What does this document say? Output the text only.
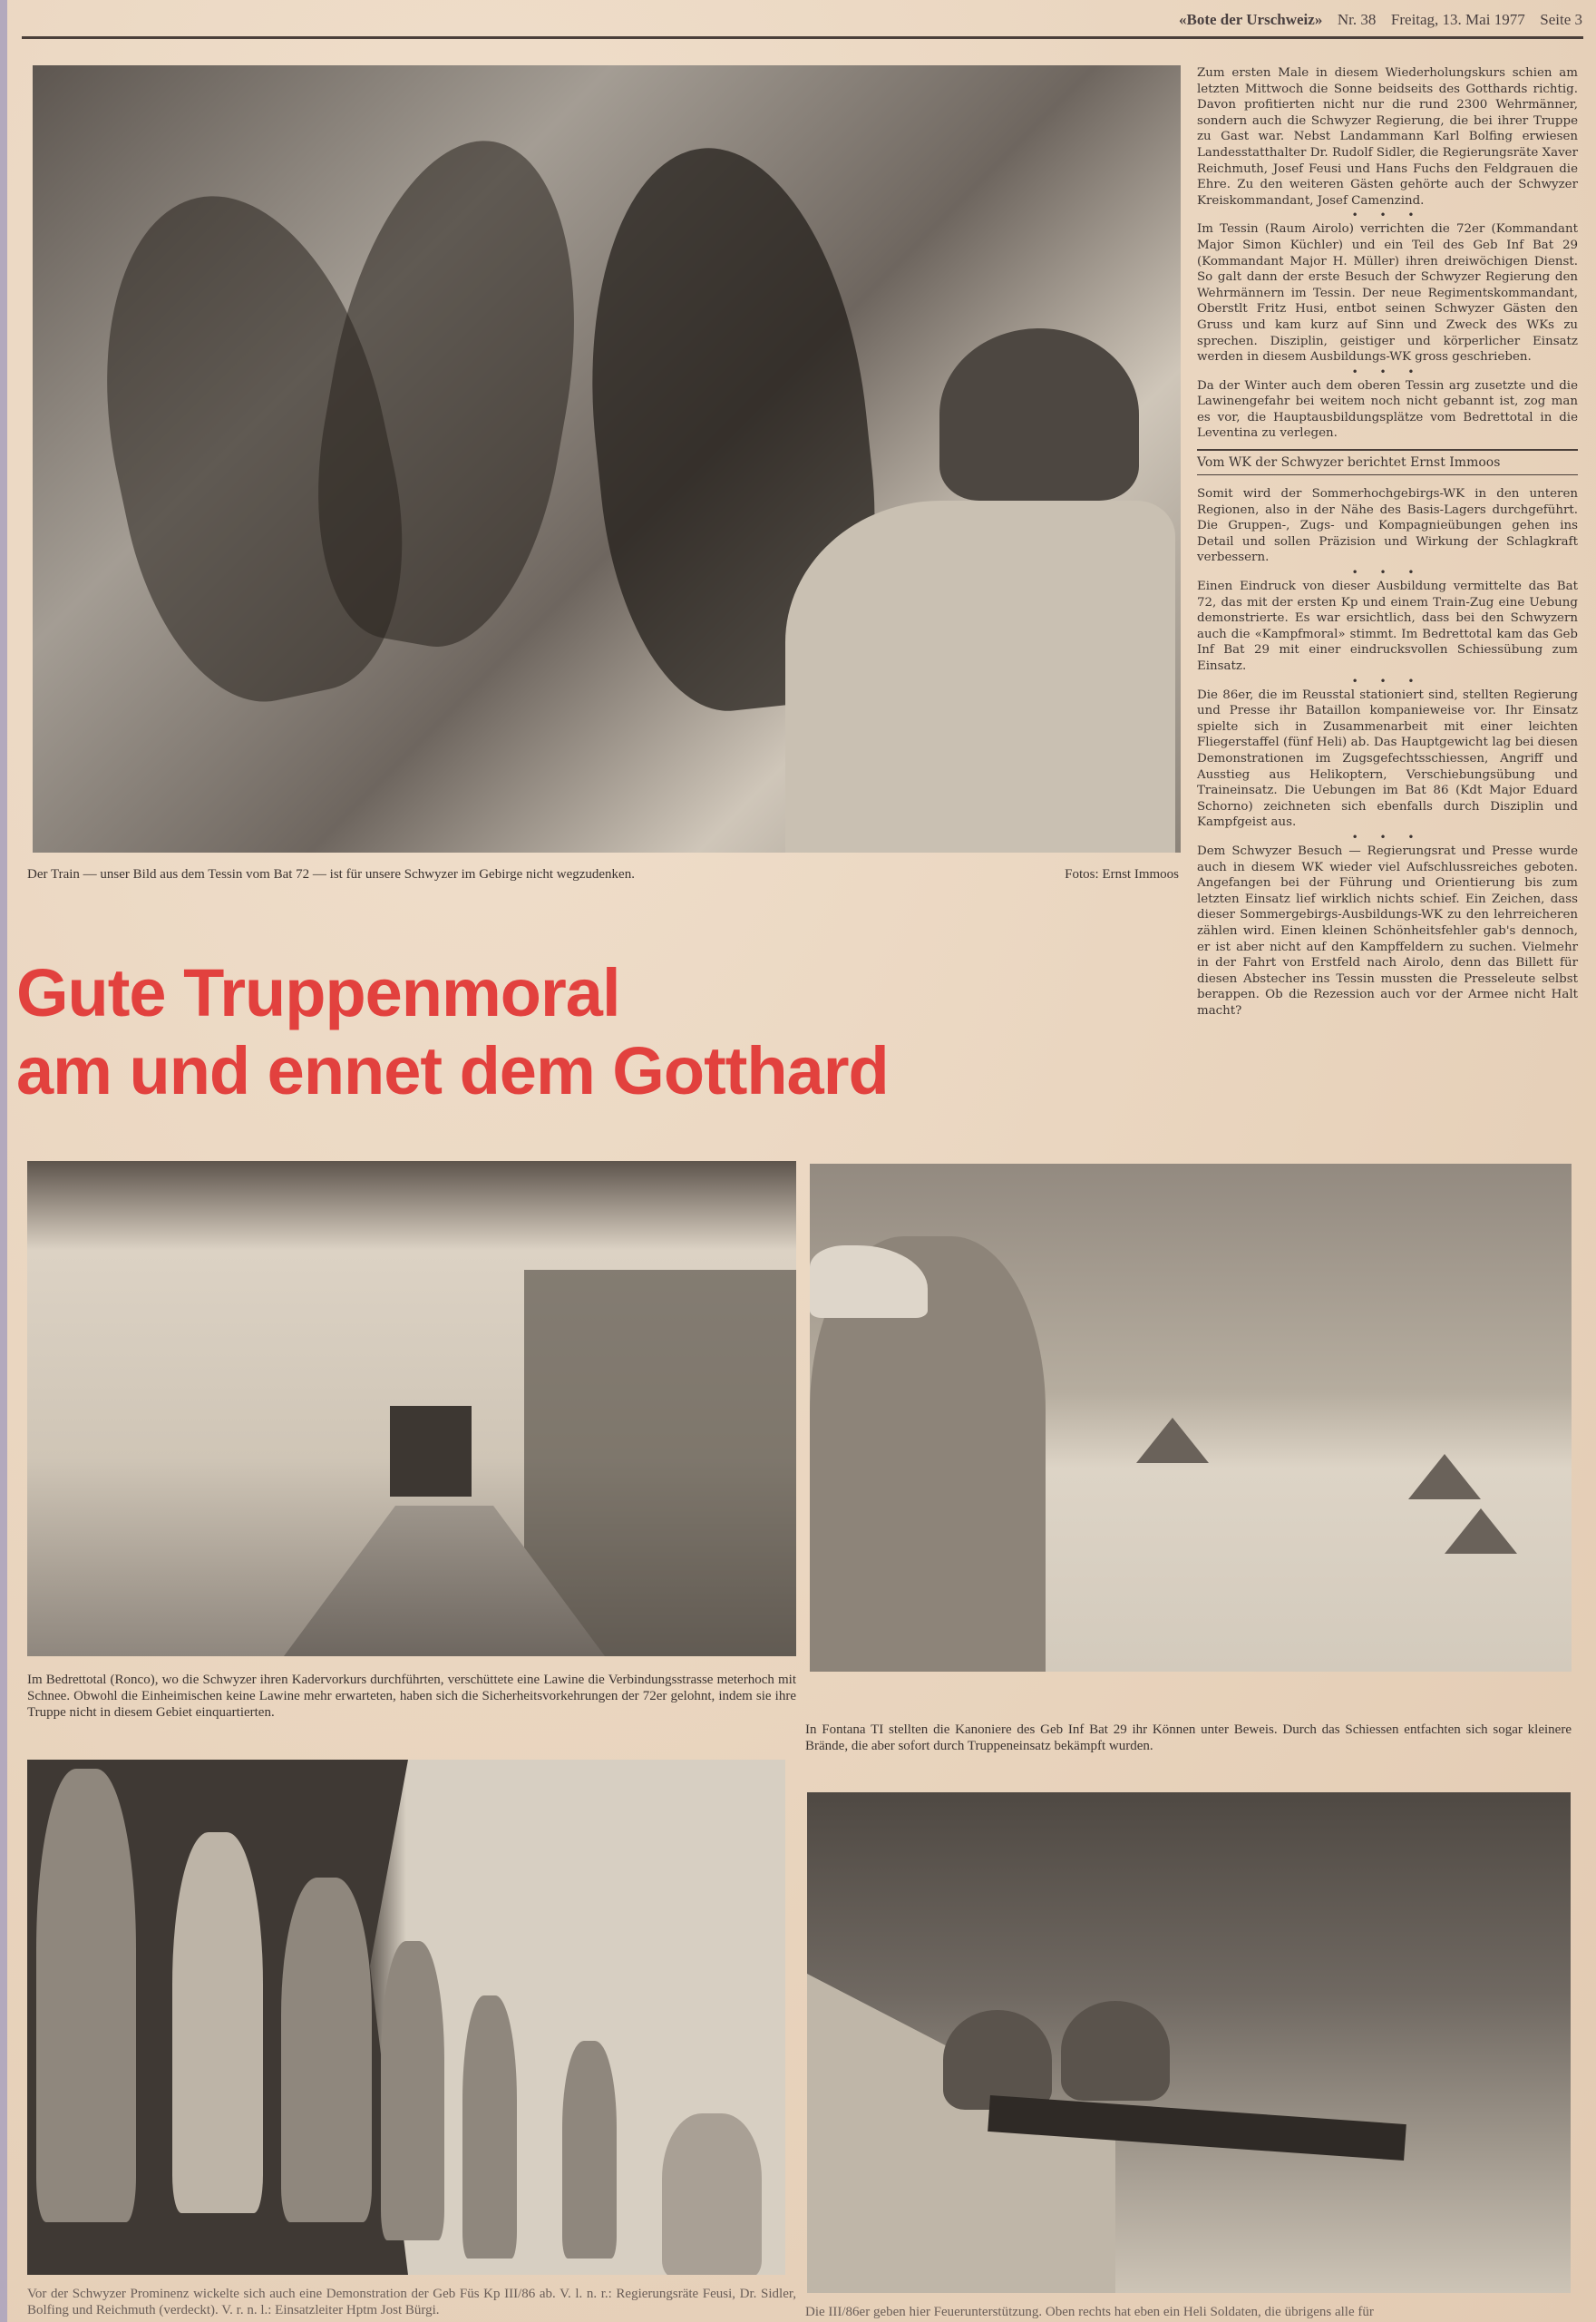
«Bote der Urschweiz» Nr. 38 Freitag, 13. Mai 1977 Seite 3
Der Train — unser Bild aus dem Tessin vom Bat 72 — ist für unsere Schwyzer im Gebirge nicht wegzudenken.	Fotos: Ernst Immoos
Gute Truppenmoral
am und ennet dem Gotthard

Zum ersten Male in diesem Wiederholungskurs schien am letzten Mittwoch die Sonne beidseits des Gotthards richtig. Davon profitierten nicht nur die rund 2300 Wehrmänner, sondern auch die Schwyzer Regierung, die bei ihrer Truppe zu Gast war. Nebst Landammann Karl Bolfing erwiesen Landesstatthalter Dr. Rudolf Sidler, die Regierungsräte Xaver Reichmuth, Josef Feusi und Hans Fuchs den Feldgrauen die Ehre. Zu den weiteren Gästen gehörte auch der Schwyzer Kreiskommandant, Josef Camenzind.

• • •

Im Tessin (Raum Airolo) verrichten die 72er (Kommandant Major Simon Küchler) und ein Teil des Geb Inf Bat 29 (Kommandant Major H. Müller) ihren dreiwöchigen Dienst. So galt dann der erste Besuch der Schwyzer Regierung den Wehrmännern im Tessin. Der neue Regimentskommandant, Oberstlt Fritz Husi, entbot seinen Schwyzer Gästen den Gruss und kam kurz auf Sinn und Zweck des WKs zu sprechen. Disziplin, geistiger und körperlicher Einsatz werden in diesem Ausbildungs-WK gross geschrieben.

• • •

Da der Winter auch dem oberen Tessin arg zusetzte und die Lawinengefahr bei weitem noch nicht gebannt ist, zog man es vor, die Hauptausbildungsplätze vom Bedrettotal in die Leventina zu verlegen.

Vom WK der Schwyzer berichtet Ernst Immoos

Somit wird der Sommerhochgebirgs-WK in den unteren Regionen, also in der Nähe des Basis-Lagers durchgeführt. Die Gruppen-, Zugs- und Kompagnieübungen gehen ins Detail und sollen Präzision und Wirkung der Schlagkraft verbessern.

• • •

Einen Eindruck von dieser Ausbildung vermittelte das Bat 72, das mit der ersten Kp und einem Train-Zug eine Uebung demonstrierte. Es war ersichtlich, dass bei den Schwyzern auch die «Kampfmoral» stimmt. Im Bedrettotal kam das Geb Inf Bat 29 mit einer eindrucksvollen Schiessübung zum Einsatz.

• • •

Die 86er, die im Reusstal stationiert sind, stellten Regierung und Presse ihr Bataillon kompanieweise vor. Ihr Einsatz spielte sich in Zusammenarbeit mit einer leichten Fliegerstaffel (fünf Heli) ab. Das Hauptgewicht lag bei diesen Demonstrationen im Zugsgefechtsschiessen, Angriff und Ausstieg aus Helikoptern, Verschiebungsübung und Traineinsatz. Die Uebungen im Bat 86 (Kdt Major Eduard Schorno) zeichneten sich ebenfalls durch Disziplin und Kampfgeist aus.

• • •

Dem Schwyzer Besuch — Regierungsrat und Presse wurde auch in diesem WK wieder viel Aufschlussreiches geboten. Angefangen bei der Führung und Orientierung bis zum letzten Einsatz lief wirklich nichts schief. Ein Zeichen, dass dieser Sommergebirgs-Ausbildungs-WK zu den lehrreicheren zählen wird. Einen kleinen Schönheitsfehler gab's dennoch, er ist aber nicht auf den Kampffeldern zu suchen. Vielmehr in der Fahrt von Erstfeld nach Airolo, denn das Billett für diesen Abstecher ins Tessin mussten die Presseleute selbst berappen. Ob die Rezession auch vor der Armee nicht Halt macht?

Im Bedrettotal (Ronco), wo die Schwyzer ihren Kadervorkurs durchführten, verschüttete eine Lawine die Verbindungsstrasse meterhoch mit Schnee. Obwohl die Einheimischen keine Lawine mehr erwarteten, haben sich die Sicherheitsvorkehrungen der 72er gelohnt, indem sie ihre Truppe nicht in diesem Gebiet einquartierten.
In Fontana TI stellten die Kanoniere des Geb Inf Bat 29 ihr Können unter Beweis. Durch das Schiessen entfachten sich sogar kleinere Brände, die aber sofort durch Truppeneinsatz bekämpft wurden.
Vor der Schwyzer Prominenz wickelte sich auch eine Demonstration der Geb Füs Kp III/86 ab. V. l. n. r.: Regierungsräte Feusi, Dr. Sidler, Bolfing und Reichmuth (verdeckt). V. r. n. l.: Einsatzleiter Hptm Jost Bürgi.	Die III/86er geben hier Feuerunterstützung. Oben rechts hat eben ein Heli Soldaten, die übrigens alle für
